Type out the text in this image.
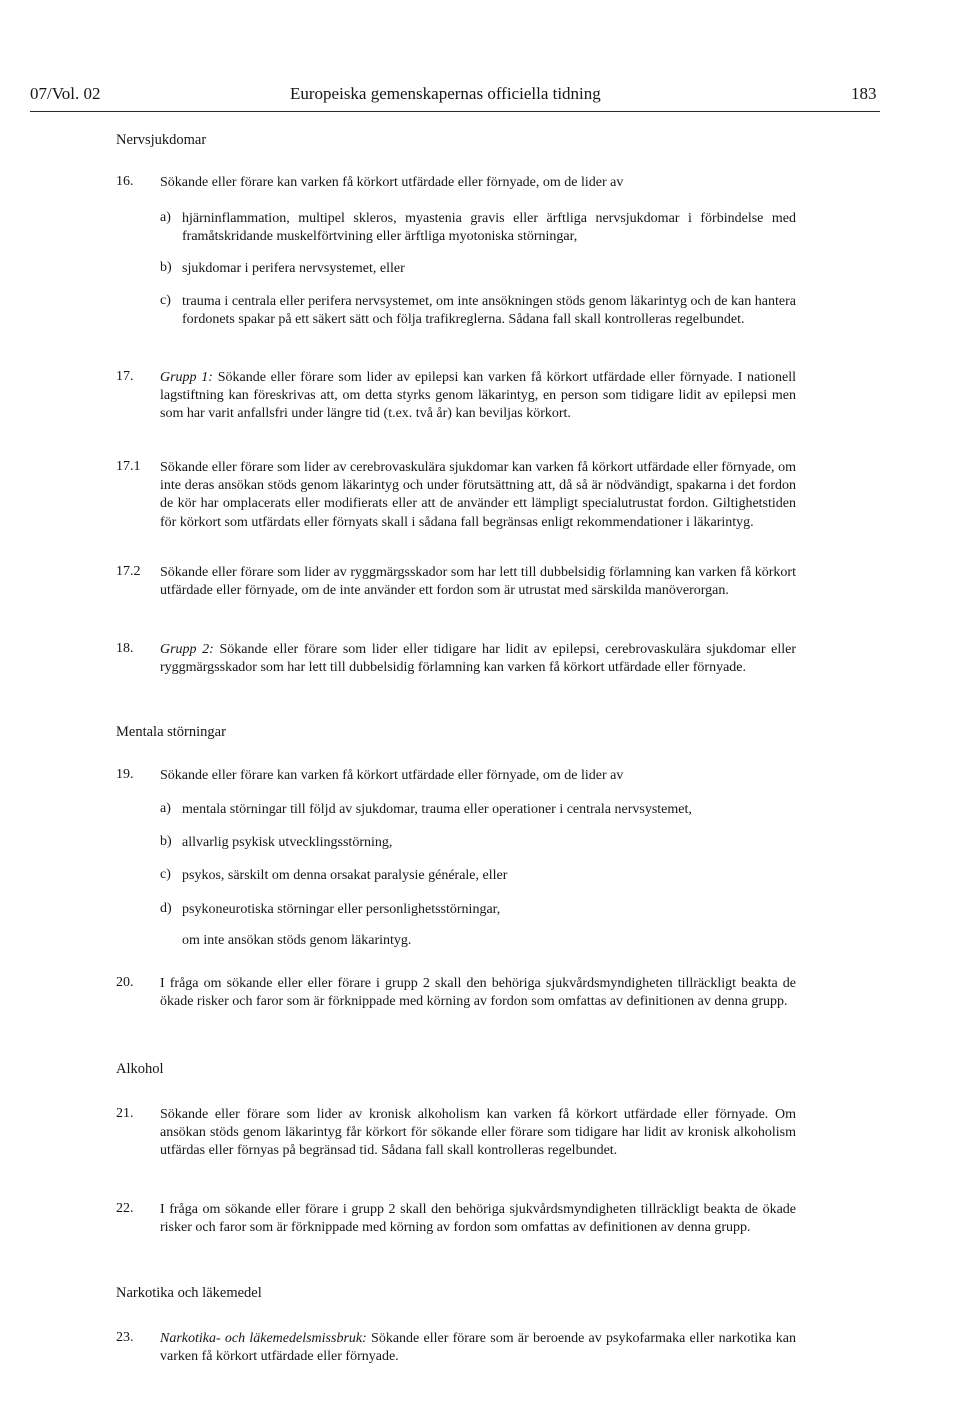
07/Vol. 02	Europeiska gemenskapernas officiella tidning	183
Nervsjukdomar
16. Sökande eller förare kan varken få körkort utfärdade eller förnyade, om de lider av
a) hjärninflammation, multipel skleros, myastenia gravis eller ärftliga nervsjukdomar i förbindelse med framåtskridande muskelförtvining eller ärftliga myotoniska störningar,
b) sjukdomar i perifera nervsystemet, eller
c) trauma i centrala eller perifera nervsystemet, om inte ansökningen stöds genom läkarintyg och de kan hantera fordonets spakar på ett säkert sätt och följa trafikreglerna. Sådana fall skall kontrolleras regelbundet.
17. Grupp 1: Sökande eller förare som lider av epilepsi kan varken få körkort utfärdade eller förnyade. I nationell lagstiftning kan föreskrivas att, om detta styrks genom läkarintyg, en person som tidigare lidit av epilepsi men som har varit anfallsfri under längre tid (t.ex. två år) kan beviljas körkort.
17.1 Sökande eller förare som lider av cerebrovaskulära sjukdomar kan varken få körkort utfärdade eller förnyade, om inte deras ansökan stöds genom läkarintyg och under förutsättning att, då så är nödvändigt, spakarna i det fordon de kör har omplacerats eller modifierats eller att de använder ett lämpligt specialutrustat fordon. Giltighetstiden för körkort som utfärdats eller förnyats skall i sådana fall begränsas enligt rekommendationer i läkarintyg.
17.2 Sökande eller förare som lider av ryggmärgsskador som har lett till dubbelsidig förlamning kan varken få körkort utfärdade eller förnyade, om de inte använder ett fordon som är utrustat med särskilda manöverorgan.
18. Grupp 2: Sökande eller förare som lider eller tidigare har lidit av epilepsi, cerebrovaskulära sjukdomar eller ryggmärgsskador som har lett till dubbelsidig förlamning kan varken få körkort utfärdade eller förnyade.
Mentala störningar
19. Sökande eller förare kan varken få körkort utfärdade eller förnyade, om de lider av
a) mentala störningar till följd av sjukdomar, trauma eller operationer i centrala nervsystemet,
b) allvarlig psykisk utvecklingsstörning,
c) psykos, särskilt om denna orsakat paralysie générale, eller
d) psykoneurotiska störningar eller personlighetsstörningar,
om inte ansökan stöds genom läkarintyg.
20. I fråga om sökande eller eller förare i grupp 2 skall den behöriga sjukvårdsmyndigheten tillräckligt beakta de ökade risker och faror som är förknippade med körning av fordon som omfattas av definitionen av denna grupp.
Alkohol
21. Sökande eller förare som lider av kronisk alkoholism kan varken få körkort utfärdade eller förnyade. Om ansökan stöds genom läkarintyg får körkort för sökande eller förare som tidigare har lidit av kronisk alkoholism utfärdas eller förnyas på begränsad tid. Sådana fall skall kontrolleras regelbundet.
22. I fråga om sökande eller förare i grupp 2 skall den behöriga sjukvårdsmyndigheten tillräckligt beakta de ökade risker och faror som är förknippade med körning av fordon som omfattas av definitionen av denna grupp.
Narkotika och läkemedel
23. Narkotika- och läkemedelsmissbruk: Sökande eller förare som är beroende av psykofarmaka eller narkotika kan varken få körkort utfärdade eller förnyade.
